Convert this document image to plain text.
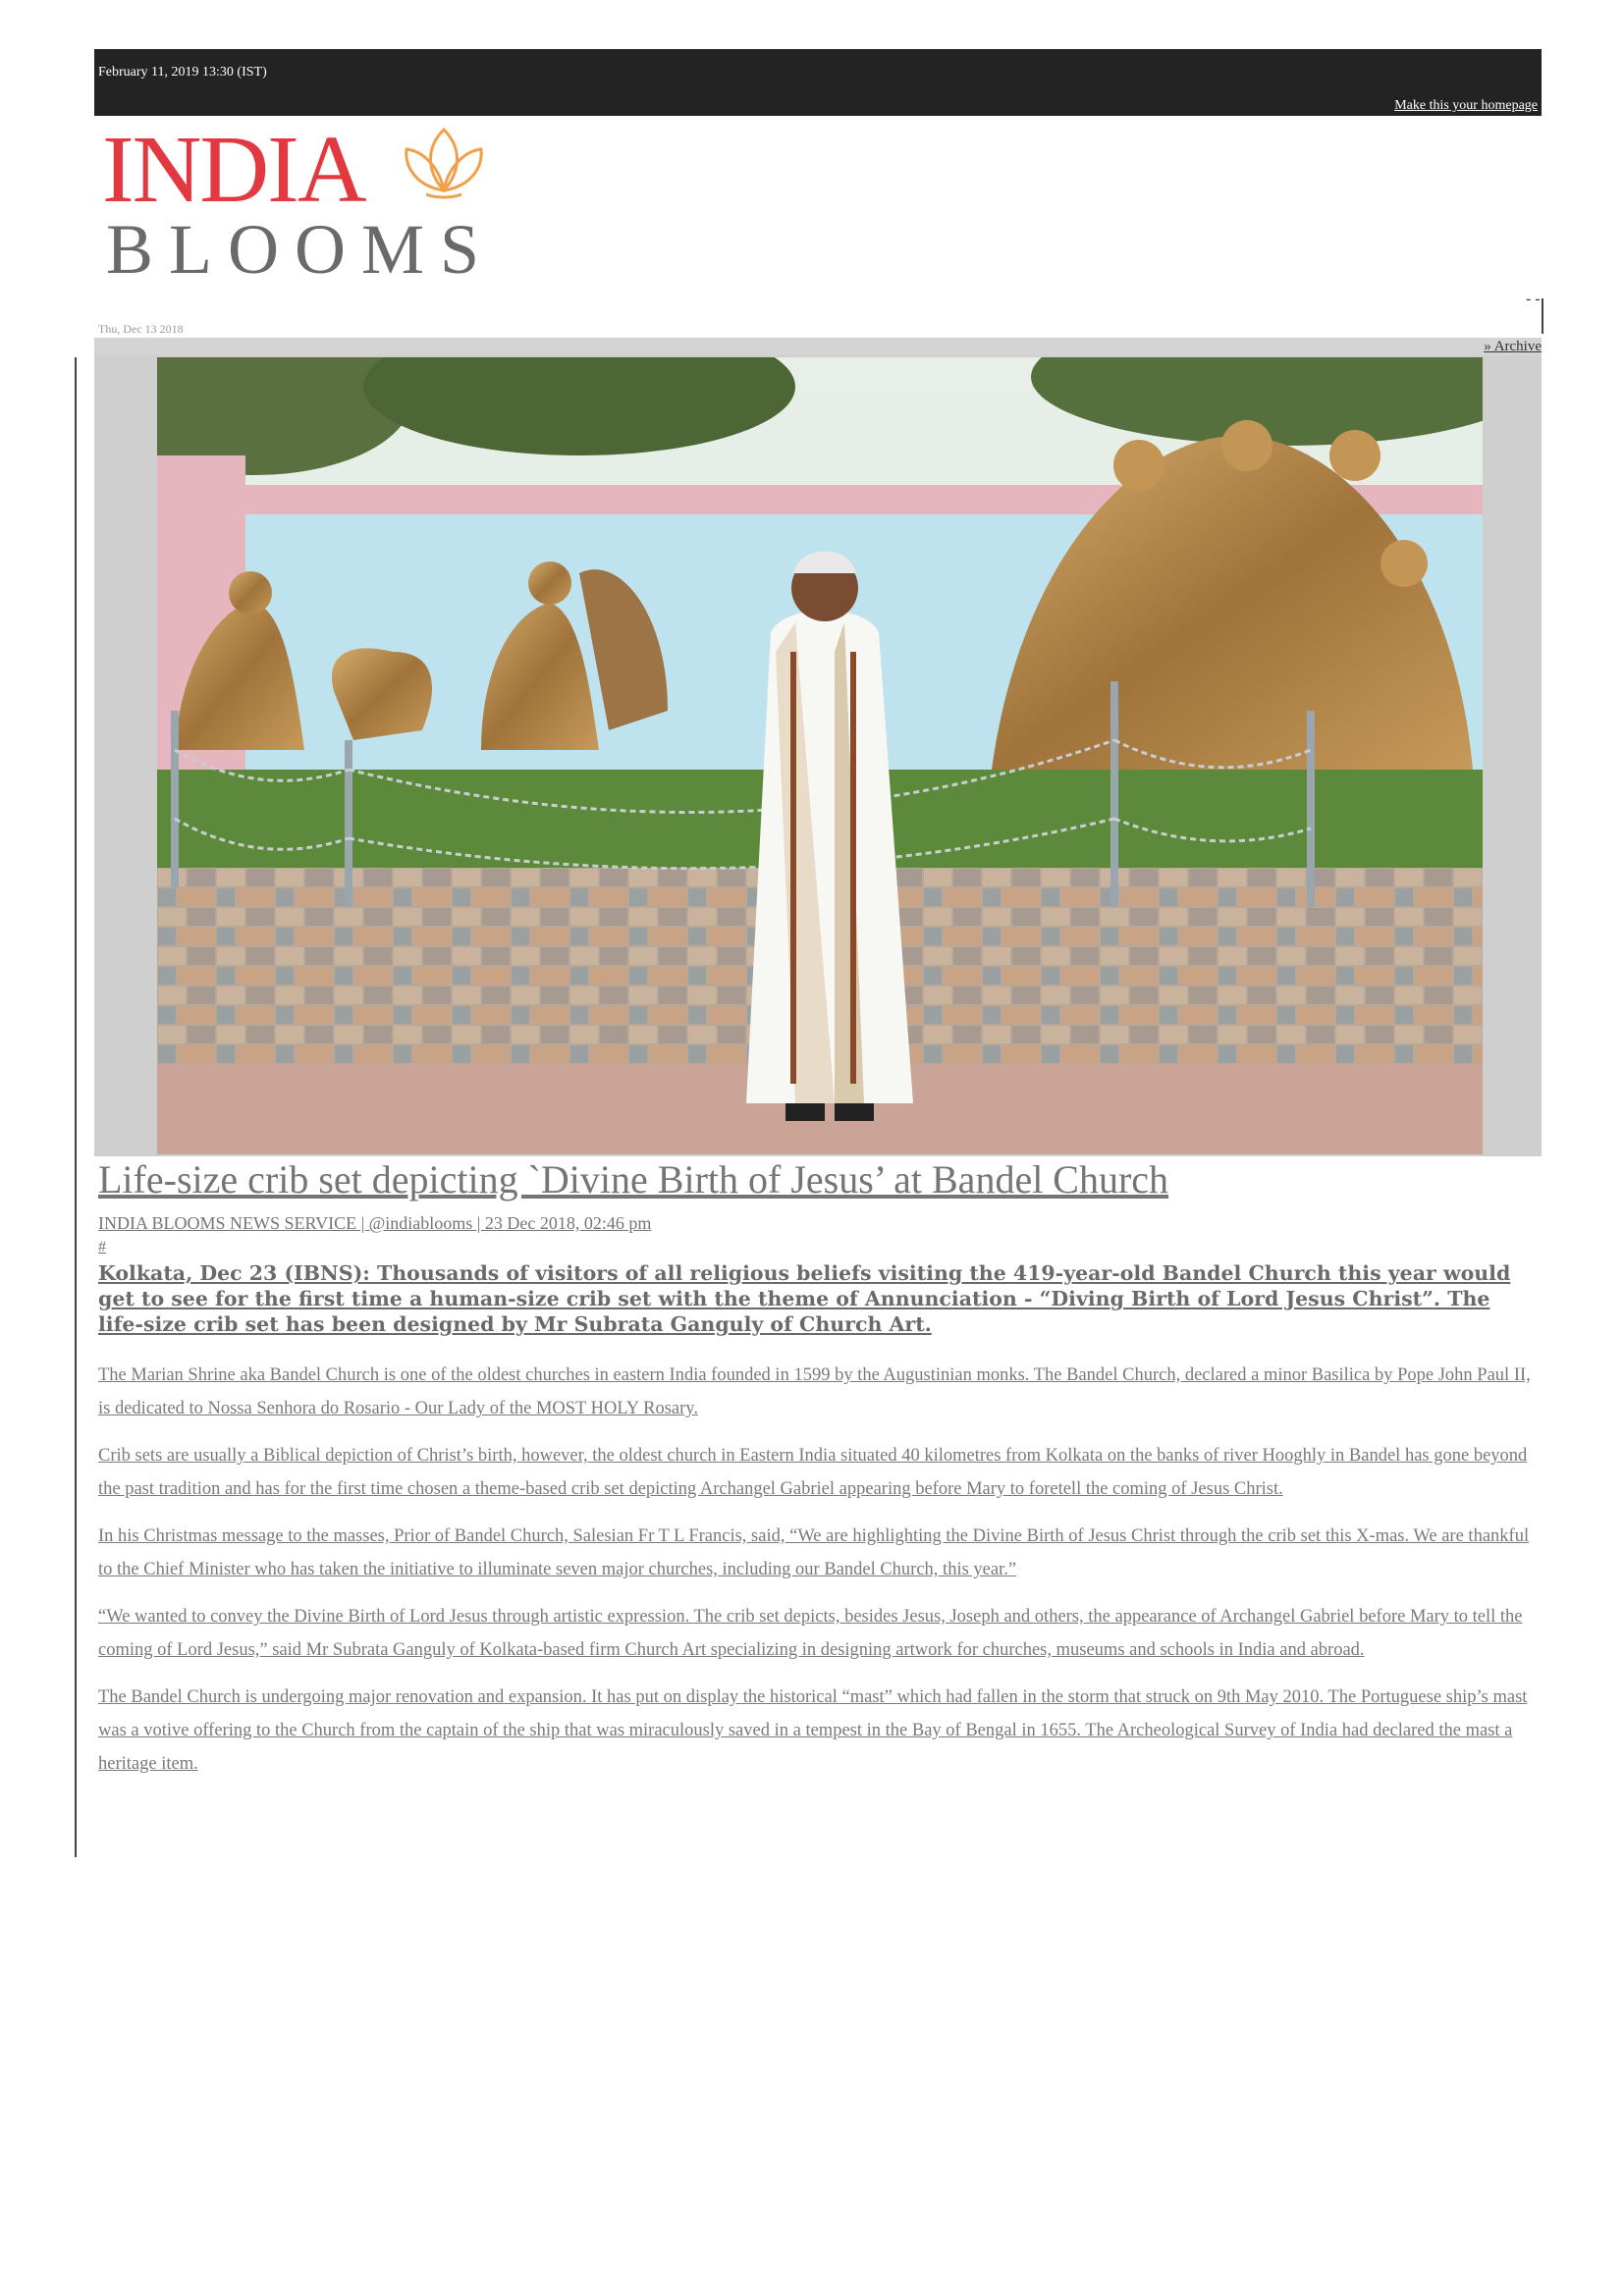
February 11, 2019 13:30 (IST)
Make this your homepage
INDIA
BLOOMS
- -
Thu, Dec 13 2018
» Archive
Life-size crib set depicting `Divine Birth of Jesus’ at Bandel Church
INDIA BLOOMS NEWS SERVICE | @indiablooms | 23 Dec 2018, 02:46 pm
#

Kolkata, Dec 23 (IBNS): Thousands of visitors of all religious beliefs visiting the 419-year-old Bandel Church this year would get to see for the first time a human-size crib set with the theme of Annunciation - “Diving Birth of Lord Jesus Christ”. The life-size crib set has been designed by Mr Subrata Ganguly of Church Art.

The Marian Shrine aka Bandel Church is one of the oldest churches in eastern India founded in 1599 by the Augustinian monks. The Bandel Church, declared a minor Basilica by Pope John Paul II, is dedicated to Nossa Senhora do Rosario - Our Lady of the MOST HOLY Rosary.

Crib sets are usually a Biblical depiction of Christ’s birth, however, the oldest church in Eastern India situated 40 kilometres from Kolkata on the banks of river Hooghly in Bandel has gone beyond the past tradition and has for the first time chosen a theme-based crib set depicting Archangel Gabriel appearing before Mary to foretell the coming of Jesus Christ.

In his Christmas message to the masses, Prior of Bandel Church, Salesian Fr T L Francis, said, “We are highlighting the Divine Birth of Jesus Christ through the crib set this X-mas. We are thankful to the Chief Minister who has taken the initiative to illuminate seven major churches, including our Bandel Church, this year.”

“We wanted to convey the Divine Birth of Lord Jesus through artistic expression. The crib set depicts, besides Jesus, Joseph and others, the appearance of Archangel Gabriel before Mary to tell the coming of Lord Jesus,” said Mr Subrata Ganguly of Kolkata-based firm Church Art specializing in designing artwork for churches, museums and schools in India and abroad.

The Bandel Church is undergoing major renovation and expansion. It has put on display the historical “mast” which had fallen in the storm that struck on 9th May 2010. The Portuguese ship’s mast was a votive offering to the Church from the captain of the ship that was miraculously saved in a tempest in the Bay of Bengal in 1655. The Archeological Survey of India had declared the mast a heritage item.
